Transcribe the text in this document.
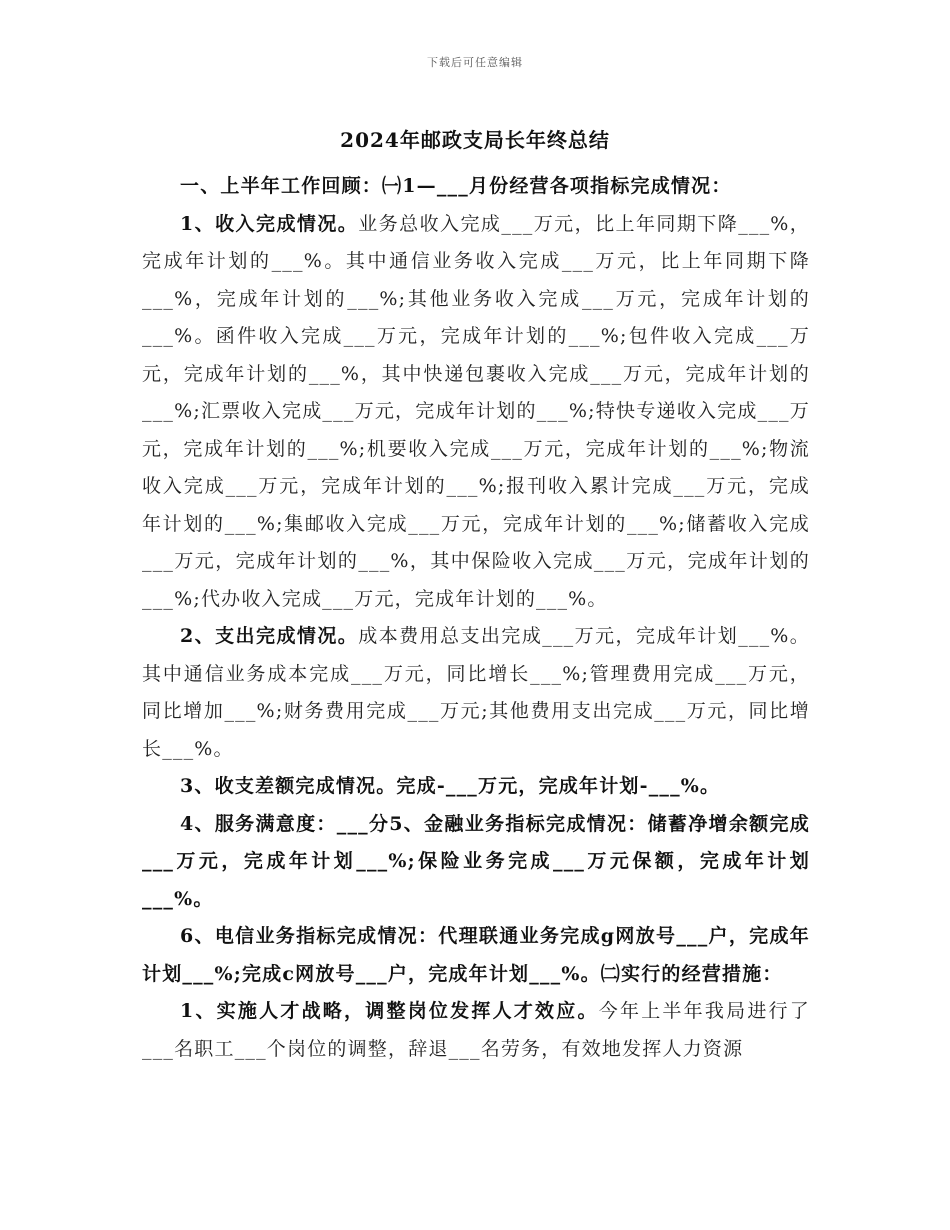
下载后可任意编辑
2024年邮政支局长年终总结

一、上半年工作回顾：㈠1—___月份经营各项指标完成情况：

1、收入完成情况。业务总收入完成___万元，比上年同期下降___%，完成年计划的___%。其中通信业务收入完成___万元，比上年同期下降___%，完成年计划的___%;其他业务收入完成___万元，完成年计划的___%。函件收入完成___万元，完成年计划的___%;包件收入完成___万元，完成年计划的___%，其中快递包裹收入完成___万元，完成年计划的___%;汇票收入完成___万元，完成年计划的___%;特快专递收入完成___万元，完成年计划的___%;机要收入完成___万元，完成年计划的___%;物流收入完成___万元，完成年计划的___%;报刊收入累计完成___万元，完成年计划的___%;集邮收入完成___万元，完成年计划的___%;储蓄收入完成___万元，完成年计划的___%，其中保险收入完成___万元，完成年计划的___%;代办收入完成___万元，完成年计划的___%。

2、支出完成情况。成本费用总支出完成___万元，完成年计划___%。其中通信业务成本完成___万元，同比增长___%;管理费用完成___万元，同比增加___%;财务费用完成___万元;其他费用支出完成___万元，同比增长___%。

3、收支差额完成情况。完成-___万元，完成年计划-___%。

4、服务满意度：___分5、金融业务指标完成情况：储蓄净增余额完成___万元，完成年计划___%;保险业务完成___万元保额，完成年计划___%。

6、电信业务指标完成情况：代理联通业务完成g网放号___户，完成年计划___%;完成c网放号___户，完成年计划___%。㈡实行的经营措施：

1、实施人才战略，调整岗位发挥人才效应。今年上半年我局进行了___名职工___个岗位的调整，辞退___名劳务，有效地发挥人力资源
